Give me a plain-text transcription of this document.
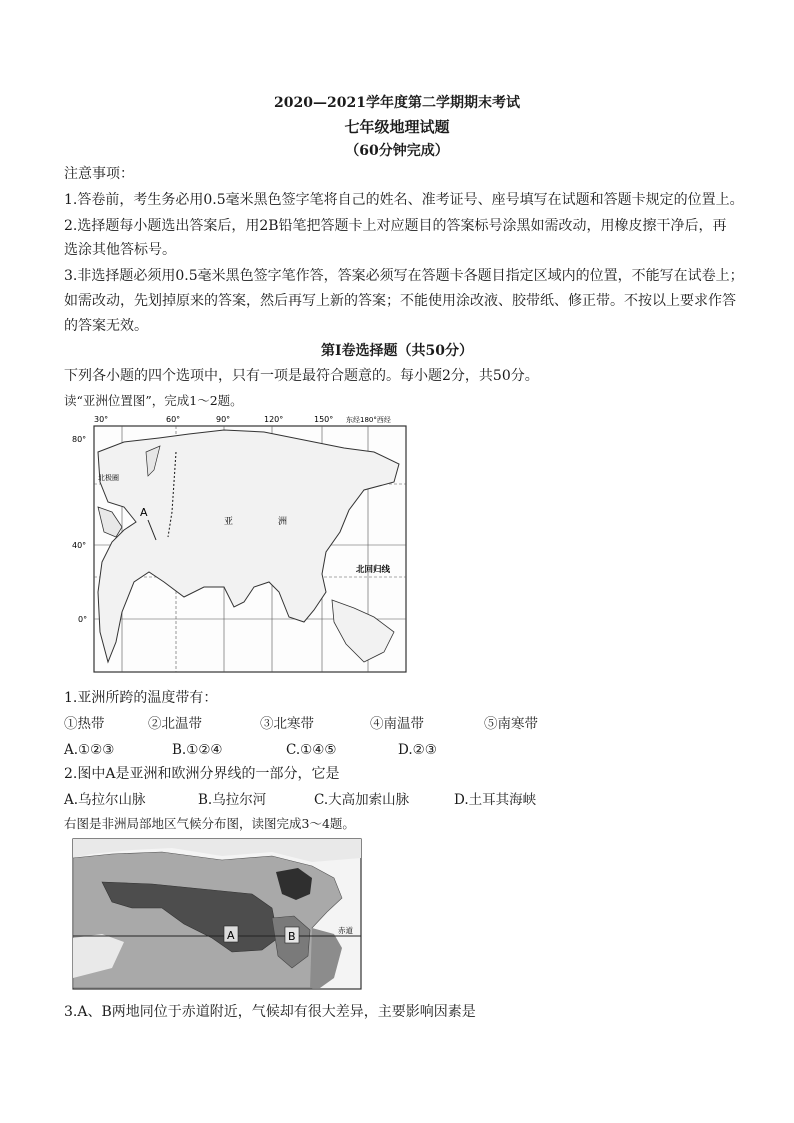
2020—2021学年度第二学期期末考试
七年级地理试题
（60分钟完成）
注意事项：
1.答卷前，考生务必用0.5毫米黑色签字笔将自己的姓名、准考证号、座号填写在试题和答题卡规定的位置上。
2.选择题每小题选出答案后，用2B铅笔把答题卡上对应题目的答案标号涂黑如需改动，用橡皮擦干净后，再
选涂其他答标号。
3.非选择题必须用0.5毫米黑色签字笔作答，答案必须写在答题卡各题目指定区域内的位置，不能写在试卷上；
如需改动，先划掉原来的答案，然后再写上新的答案；不能使用涂改液、胶带纸、修正带。不按以上要求作答
的答案无效。
第Ⅰ卷选择题（共50分）
下列各小题的四个选项中，只有一项是最符合题意的。每小题2分，共50分。
读“亚洲位置图”，完成1～2题。
30°	60°	90°	120°	150° 东经180°西经
80°
40°
0°
A
亚	洲
北回归线
北极圈
1.亚洲所跨的温度带有：
①热带	②北温带	③北寒带	④南温带	⑤南寒带
A.①②③	B.①②④	C.①④⑤	D.②③
2.图中A是亚洲和欧洲分界线的一部分，它是
A.乌拉尔山脉	B.乌拉尔河	C.大高加索山脉	D.土耳其海峡
右图是非洲局部地区气候分布图，读图完成3～4题。
A	B	赤道
3.A、B两地同位于赤道附近，气候却有很大差异，主要影响因素是
